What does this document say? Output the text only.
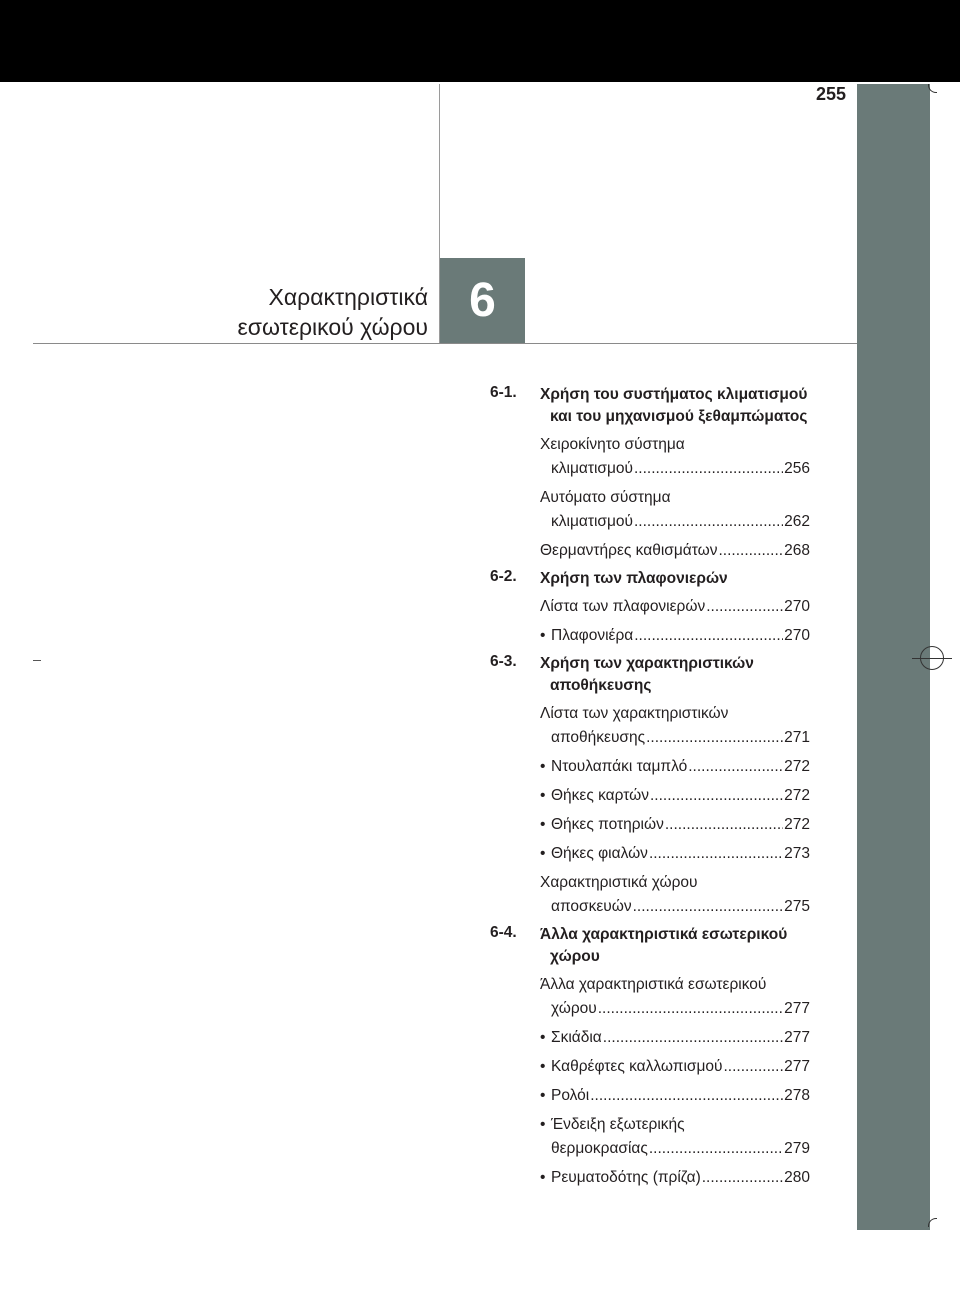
255
Χαρακτηριστικά
εσωτερικού χώρου 6
6-1. Χρήση του συστήματος κλιματισμού και του μηχανισμού ξεθαμπώματος
Χειροκίνητο σύστημα
κλιματισμού .....	256
Αυτόματο σύστημα
κλιματισμού .....	262
Θερμαντήρες καθισμάτων .....	268
6-2. Χρήση των πλαφονιερών
Λίστα των πλαφονιερών .....	270
• Πλαφονιέρα .....	270
6-3. Χρήση των χαρακτηριστικών αποθήκευσης
Λίστα των χαρακτηριστικών
αποθήκευσης .....	271
• Ντουλαπάκι ταμπλό .....	272
• Θήκες καρτών .....	272
• Θήκες ποτηριών .....	272
• Θήκες φιαλών .....	273
Χαρακτηριστικά χώρου
αποσκευών .....	275
6-4. Άλλα χαρακτηριστικά εσωτερικού χώρου
Άλλα χαρακτηριστικά εσωτερικού
χώρου .....	277
• Σκιάδια .....	277
• Καθρέφτες καλλωπισμού .....	277
• Ρολόι .....	278
• Ένδειξη εξωτερικής
θερμοκρασίας .....	279
• Ρευματοδότης (πρίζα) .....	280
